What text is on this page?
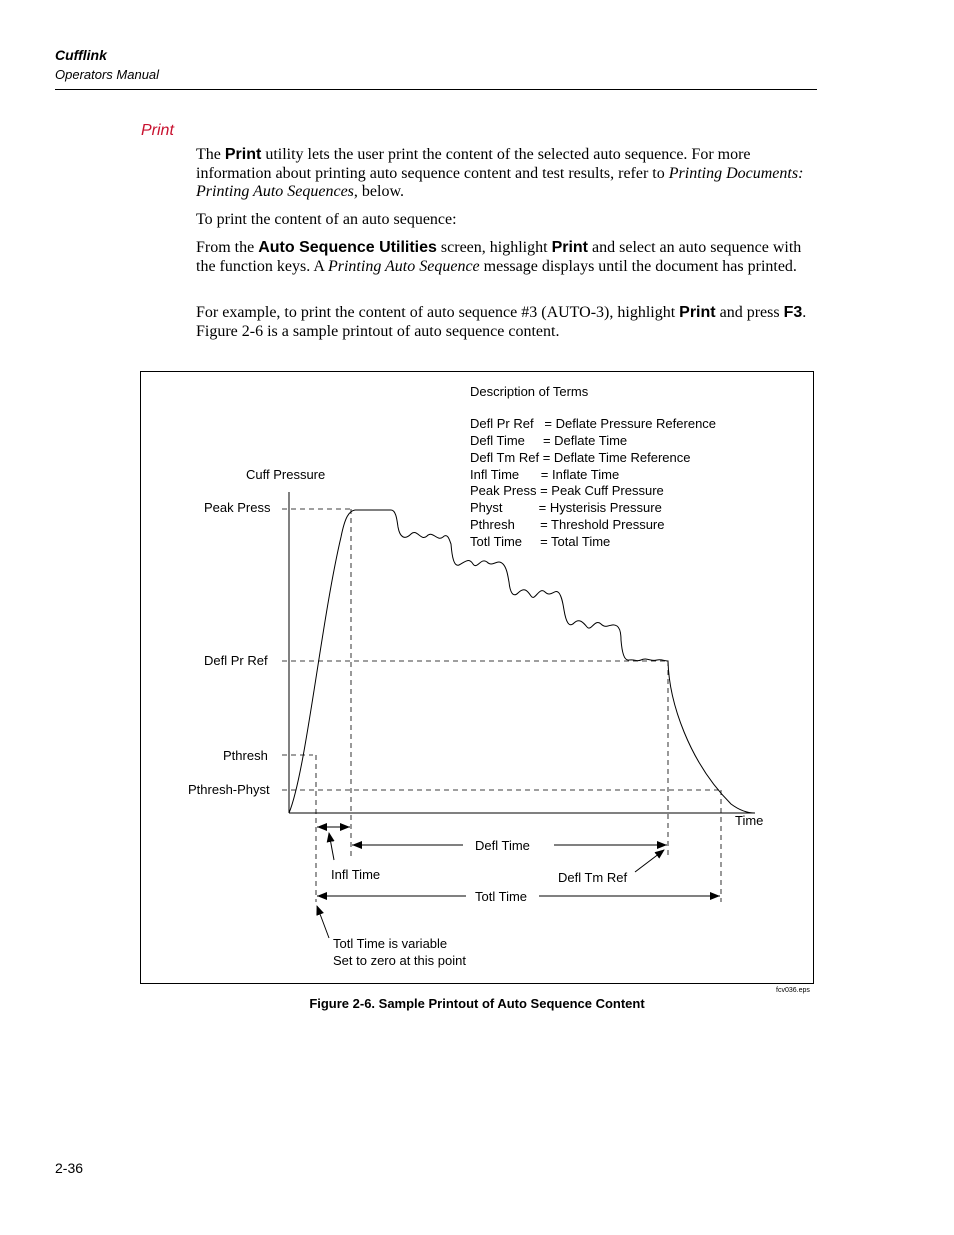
Cufflink
Operators Manual
Print

The Print utility lets the user print the content of the selected auto sequence. For more information about printing auto sequence content and test results, refer to Printing Documents: Printing Auto Sequences, below.

To print the content of an auto sequence:

From the Auto Sequence Utilities screen, highlight Print and select an auto sequence with the function keys. A Printing Auto Sequence message displays until the document has printed.

For example, to print the content of auto sequence #3 (AUTO-3), highlight Print and press F3. Figure 2-6 is a sample printout of auto sequence content.

Description of Terms
Defl Pr Ref   = Deflate Pressure Reference
Defl Time     = Deflate Time
Defl Tm Ref = Deflate Time Reference
Infl Time      = Inflate Time
Peak Press = Peak Cuff Pressure
Physt          = Hysterisis Pressure
Pthresh       = Threshold Pressure
Totl Time     = Total Time
Cuff Pressure
Time
Peak Press
Defl Pr Ref
Pthresh
Pthresh-Physt
Infl Time
Defl Time
Defl Tm Ref
Totl Time
Totl Time is variable
Set to zero at this point
fcv036.eps
Figure 2-6. Sample Printout of Auto Sequence Content
2-36
